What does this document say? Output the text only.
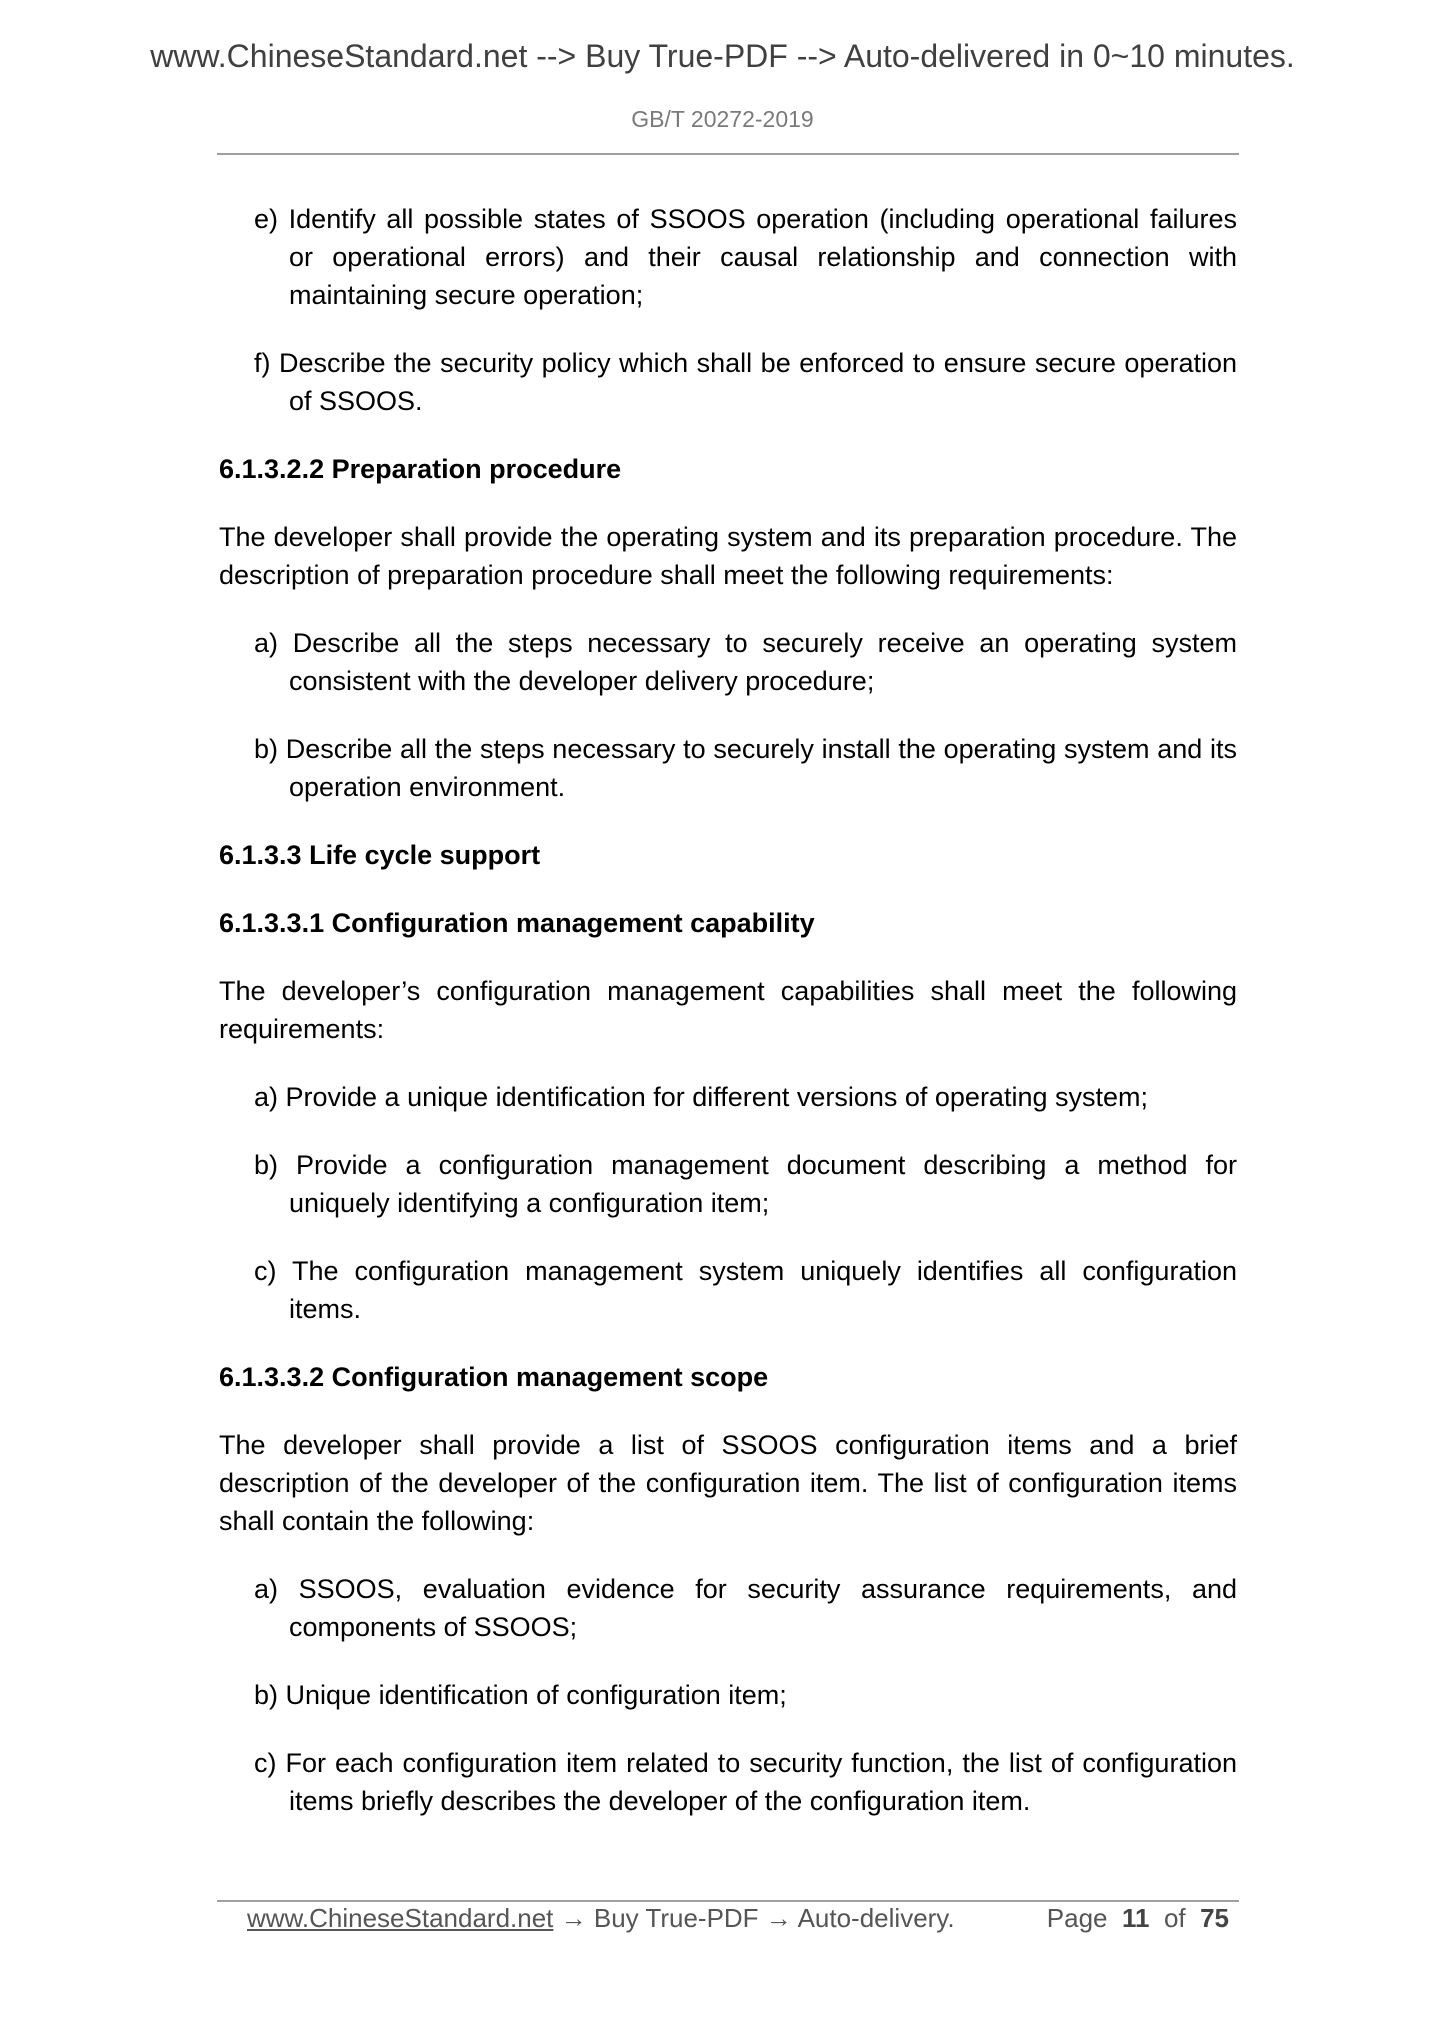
www.ChineseStandard.net --> Buy True-PDF --> Auto-delivered in 0~10 minutes.
GB/T 20272-2019

e) Identify all possible states of SSOOS operation (including operational failures or operational errors) and their causal relationship and connection with maintaining secure operation;

f) Describe the security policy which shall be enforced to ensure secure operation of SSOOS.

6.1.3.2.2 Preparation procedure

The developer shall provide the operating system and its preparation procedure. The description of preparation procedure shall meet the following requirements:

a) Describe all the steps necessary to securely receive an operating system consistent with the developer delivery procedure;

b) Describe all the steps necessary to securely install the operating system and its operation environment.

6.1.3.3 Life cycle support
6.1.3.3.1 Configuration management capability

The developer’s configuration management capabilities shall meet the following requirements:

a) Provide a unique identification for different versions of operating system;

b) Provide a configuration management document describing a method for uniquely identifying a configuration item;

c) The configuration management system uniquely identifies all configuration items.

6.1.3.3.2 Configuration management scope

The developer shall provide a list of SSOOS configuration items and a brief description of the developer of the configuration item. The list of configuration items shall contain the following:

a) SSOOS, evaluation evidence for security assurance requirements, and components of SSOOS;

b) Unique identification of configuration item;

c) For each configuration item related to security function, the list of configuration items briefly describes the developer of the configuration item.

www.ChineseStandard.net → Buy True-PDF → Auto-delivery.	Page 11 of 75
